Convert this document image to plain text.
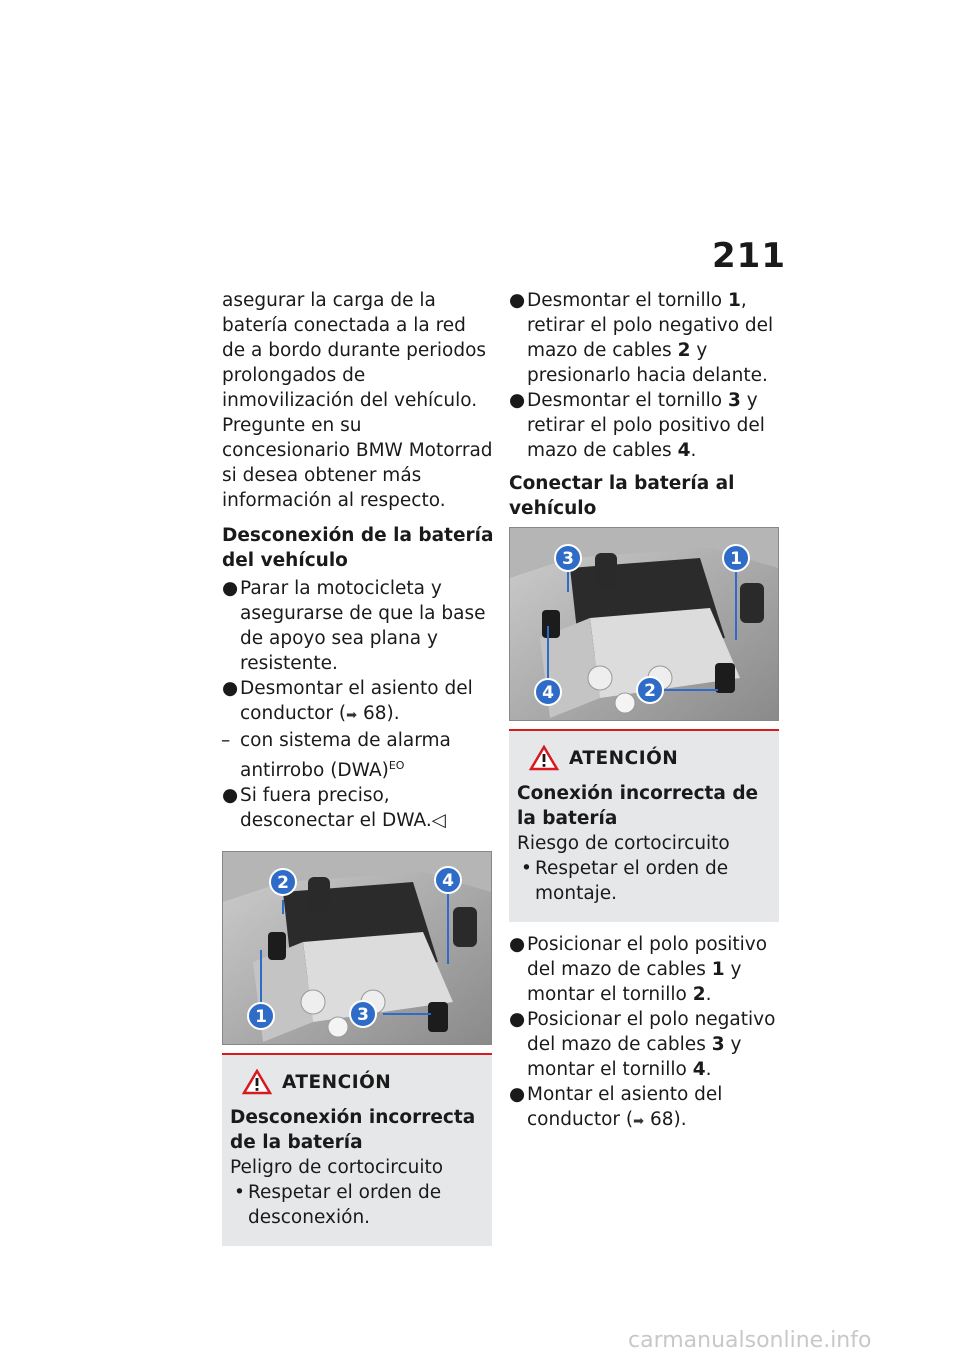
211

asegurar la carga de la batería conectada a la red de a bordo durante periodos prolongados de inmovilización del vehículo. Pregunte en su concesionario BMW Motorrad si desea obtener más información al respecto.

Desconexión de la batería del vehículo

● Parar la motocicleta y asegurarse de que la base de apoyo sea plana y resistente.
● Desmontar el asiento del conductor (➡ 68).
– con sistema de alarma antirrobo (DWA)$^{EO}$
● Si fuera preciso, desconectar el DWA.◁
2	4
1	3
ATENCIÓN
Desconexión incorrecta de la batería
Peligro de cortocircuito
• Respetar el orden de desconexión.
● Desmontar el tornillo 1, retirar el polo negativo del mazo de cables 2 y presionarlo hacia delante.
● Desmontar el tornillo 3 y retirar el polo positivo del mazo de cables 4.

Conectar la batería al vehículo

3	1
4	2
ATENCIÓN
Conexión incorrecta de la batería
Riesgo de cortocircuito
• Respetar el orden de montaje.
● Posicionar el polo positivo del mazo de cables 1 y montar el tornillo 2.
● Posicionar el polo negativo del mazo de cables 3 y montar el tornillo 4.
● Montar el asiento del conductor (➡ 68).
carmanualsonline.info
